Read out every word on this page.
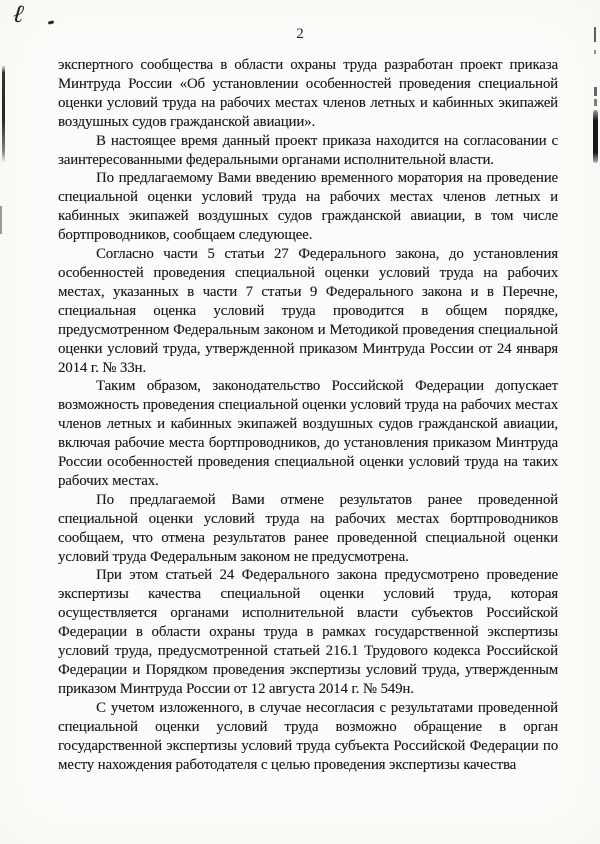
ℓ
2

экспертного сообщества в области охраны труда разработан проект приказа Минтруда России «Об установлении особенностей проведения специальной оценки условий труда на рабочих местах членов летных и кабинных экипажей воздушных судов гражданской авиации».

В настоящее время данный проект приказа находится на согласовании с заинтересованными федеральными органами исполнительной власти.

По предлагаемому Вами введению временного моратория на проведение специальной оценки условий труда на рабочих местах членов летных и кабинных экипажей воздушных судов гражданской авиации, в том числе бортпроводников, сообщаем следующее.

Согласно части 5 статьи 27 Федерального закона, до установления особенностей проведения специальной оценки условий труда на рабочих местах, указанных в части 7 статьи 9 Федерального закона и в Перечне, специальная оценка условий труда проводится в общем порядке, предусмотренном Федеральным законом и Методикой проведения специальной оценки условий труда, утвержденной приказом Минтруда России от 24 января 2014 г. № 33н.

Таким образом, законодательство Российской Федерации допускает возможность проведения специальной оценки условий труда на рабочих местах членов летных и кабинных экипажей воздушных судов гражданской авиации, включая рабочие места бортпроводников, до установления приказом Минтруда России особенностей проведения специальной оценки условий труда на таких рабочих местах.

По предлагаемой Вами отмене результатов ранее проведенной специальной оценки условий труда на рабочих местах бортпроводников сообщаем, что отмена результатов ранее проведенной специальной оценки условий труда Федеральным законом не предусмотрена.

При этом статьей 24 Федерального закона предусмотрено проведение экспертизы качества специальной оценки условий труда, которая осуществляется органами исполнительной власти субъектов Российской Федерации в области охраны труда в рамках государственной экспертизы условий труда, предусмотренной статьей 216.1 Трудового кодекса Российской Федерации и Порядком проведения экспертизы условий труда, утвержденным приказом Минтруда России от 12 августа 2014 г. № 549н.

С учетом изложенного, в случае несогласия с результатами проведенной специальной оценки условий труда возможно обращение в орган государственной экспертизы условий труда субъекта Российской Федерации по месту нахождения работодателя с целью проведения экспертизы качества
